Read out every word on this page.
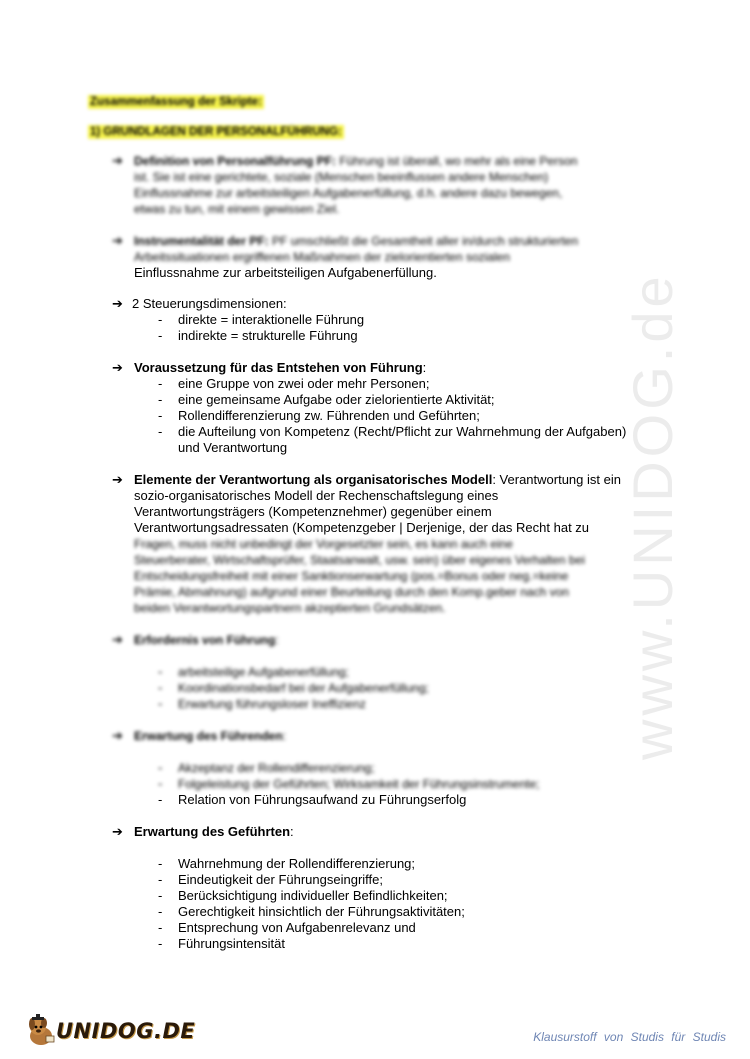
www.UNIDOG.de
Zusammenfassung der Skripte:
1) GRUNDLAGEN DER PERSONALFÜHRUNG:
➔ Definition von Personalführung PF: Führung ist überall, wo mehr als eine Person
ist. Sie ist eine gerichtete, soziale (Menschen beeinflussen andere Menschen)
Einflussnahme zur arbeitsteiligen Aufgabenerfüllung, d.h. andere dazu bewegen,
etwas zu tun, mit einem gewissen Ziel.
➔ Instrumentalität der PF: PF umschließt die Gesamtheit aller in/durch strukturierten
Arbeitssituationen ergriffenen Maßnahmen der zielorientierten sozialen
Einflussnahme zur arbeitsteiligen Aufgabenerfüllung.
➔ 2 Steuerungsdimensionen:
- direkte = interaktionelle Führung
- indirekte = strukturelle Führung
➔ Voraussetzung für das Entstehen von Führung:
- eine Gruppe von zwei oder mehr Personen;
- eine gemeinsame Aufgabe oder zielorientierte Aktivität;
- Rollendifferenzierung zw. Führenden und Geführten;
- die Aufteilung von Kompetenz (Recht/Pflicht zur Wahrnehmung der Aufgaben)
und Verantwortung
➔ Elemente der Verantwortung als organisatorisches Modell: Verantwortung ist ein
sozio-organisatorisches Modell der Rechenschaftslegung eines
Verantwortungsträgers (Kompetenznehmer) gegenüber einem
Verantwortungsadressaten (Kompetenzgeber | Derjenige, der das Recht hat zu
Fragen, muss nicht unbedingt der Vorgesetzter sein, es kann auch eine
Steuerberater, Wirtschaftsprüfer, Staatsanwalt, usw. sein) über eigenes Verhalten bei
Entscheidungsfreiheit mit einer Sanktionserwartung (pos.=Bonus oder neg.=keine
Prämie, Abmahnung) aufgrund einer Beurteilung durch den Komp.geber nach von
beiden Verantwortungspartnern akzeptierten Grundsätzen.
➔ Erfordernis von Führung:
- arbeitsteilige Aufgabenerfüllung;
- Koordinationsbedarf bei der Aufgabenerfüllung;
- Erwartung führungsloser Ineffizienz
➔ Erwartung des Führenden:
- Akzeptanz der Rollendifferenzierung;
- Folgeleistung der Geführten; Wirksamkeit der Führungsinstrumente;
- Relation von Führungsaufwand zu Führungserfolg
➔ Erwartung des Geführten:
- Wahrnehmung der Rollendifferenzierung;
- Eindeutigkeit der Führungseingriffe;
- Berücksichtigung individueller Befindlichkeiten;
- Gerechtigkeit hinsichtlich der Führungsaktivitäten;
- Entsprechung von Aufgabenrelevanz und
- Führungsintensität
UNIDOG.DE	Klausurstoff von Studis für Studis
